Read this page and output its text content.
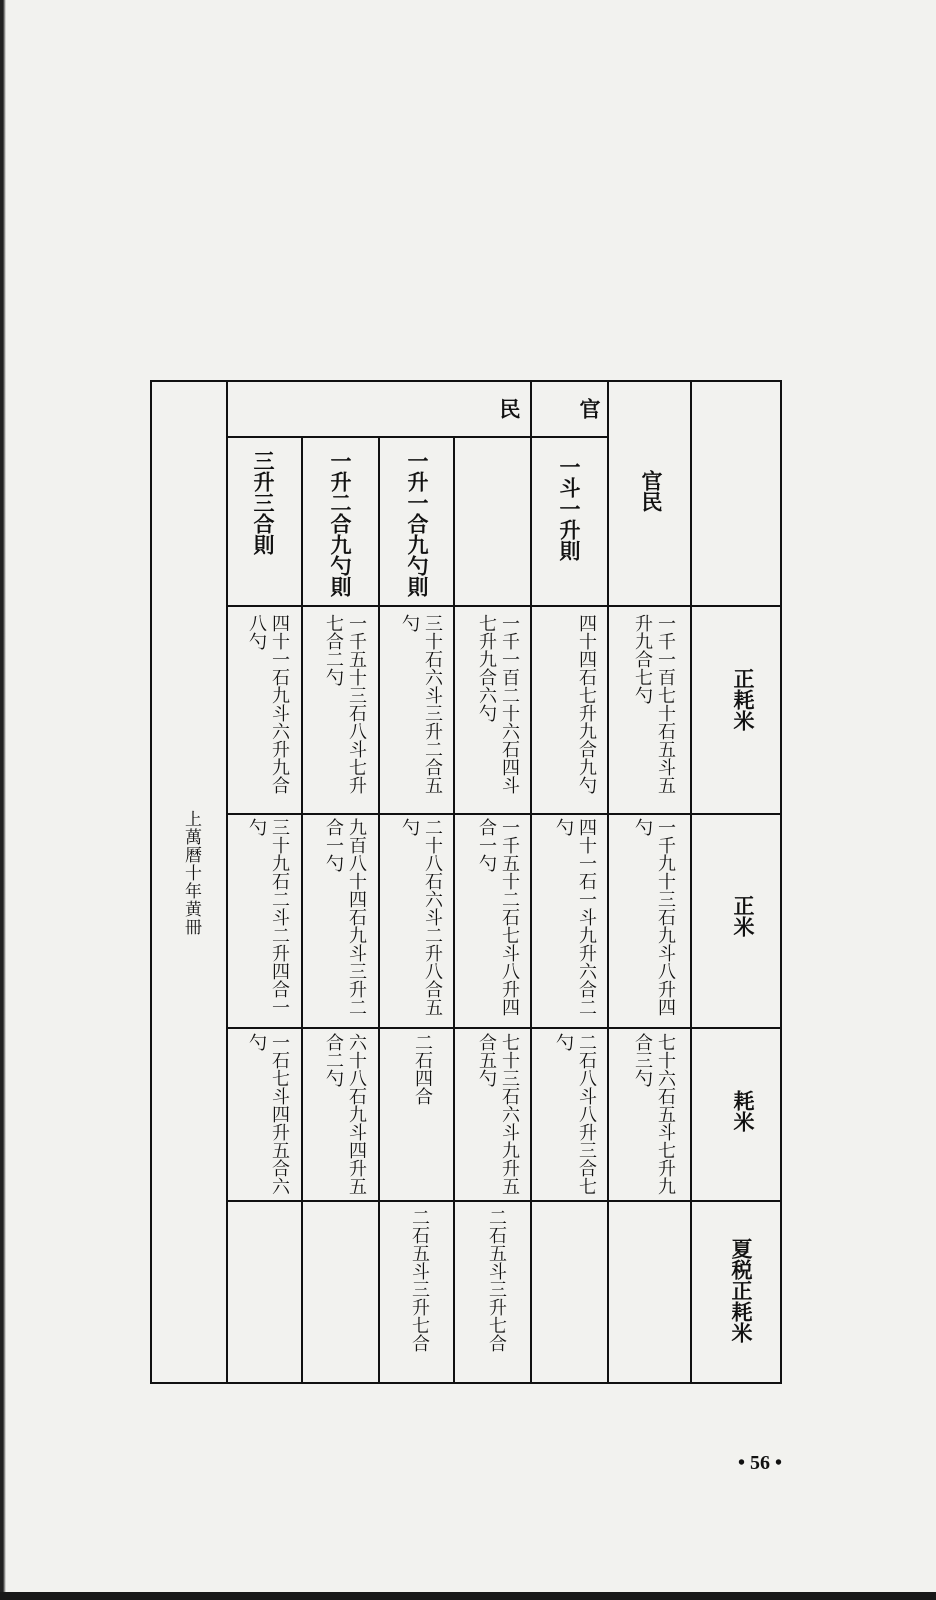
正耗米
正米
耗米
夏税正耗米
官民
官
民
一斗一升則
一升一合九勺則
一升二合九勺則
三升三合則
一千一百七十石五斗五升九合七勺
一千九十三石九斗八升四勺
七十六石五斗七升九合三勺
四十四石七升九合九勺
四十一石一斗九升六合二勺
二石八斗八升三合七勺
一千一百二十六石四斗七升九合六勺
一千五十二石七斗八升四合一勺
七十三石六斗九升五合五勺
二石五斗三升七合
三十石六斗三升二合五勺
二十八石六斗二升八合五勺
二石四合
二石五斗三升七合
一千五十三石八斗七升七合二勺
九百八十四石九斗三升二合一勺
六十八石九斗四升五合二勺
四十一石九斗六升九合八勺
三十九石二斗二升四合一勺
一石七斗四升五合六勺
上萬曆十年黄冊
• 56 •
